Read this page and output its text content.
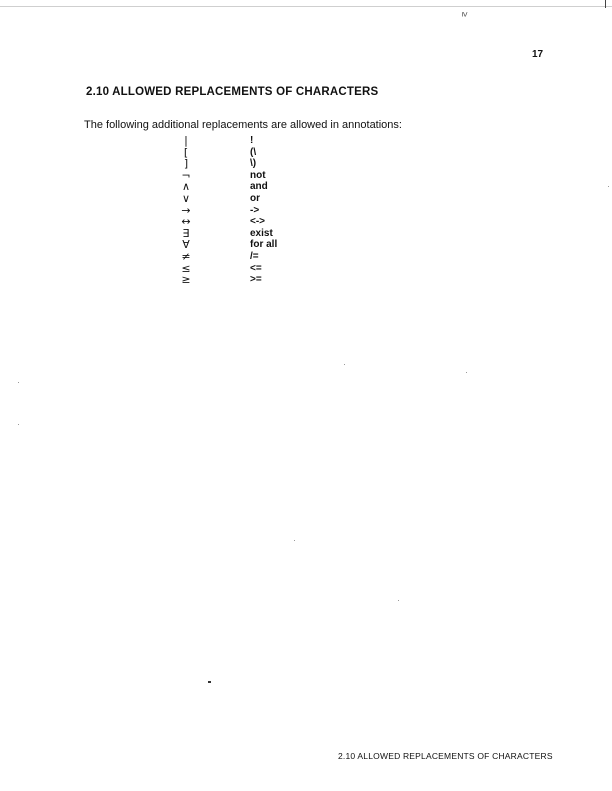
≥
17
2.10 ALLOWED REPLACEMENTS OF CHARACTERS
The following additional replacements are allowed in annotations:
|	!
[	(\
]	\)
¬	not
∧	and
∨	or
→	->
↔	<->
∃	exist
∀	for all
≠	/=
≤	<=
≥	>=
2.10 ALLOWED REPLACEMENTS OF CHARACTERS
